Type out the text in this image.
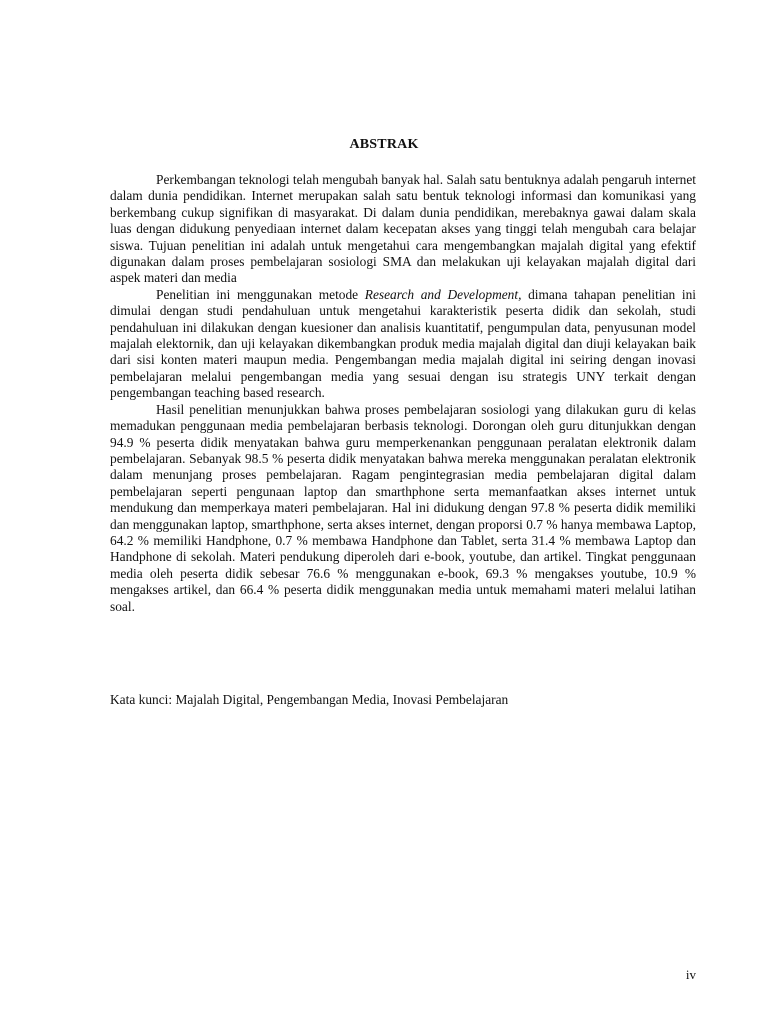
ABSTRAK

Perkembangan teknologi telah mengubah banyak hal. Salah satu bentuknya adalah pengaruh internet dalam dunia pendidikan. Internet merupakan salah satu bentuk teknologi informasi dan komunikasi yang berkembang cukup signifikan di masyarakat. Di dalam dunia pendidikan, merebaknya gawai dalam skala luas dengan didukung penyediaan internet dalam kecepatan akses yang tinggi telah mengubah cara belajar siswa. Tujuan penelitian ini adalah untuk mengetahui cara mengembangkan majalah digital yang efektif digunakan dalam proses pembelajaran sosiologi SMA dan melakukan uji kelayakan majalah digital dari aspek materi dan media

Penelitian ini menggunakan metode Research and Development, dimana tahapan penelitian ini dimulai dengan studi pendahuluan untuk mengetahui karakteristik peserta didik dan sekolah, studi pendahuluan ini dilakukan dengan kuesioner dan analisis kuantitatif, pengumpulan data, penyusunan model majalah elektornik, dan uji kelayakan dikembangkan produk media majalah digital dan diuji kelayakan baik dari sisi konten materi maupun media. Pengembangan media majalah digital ini seiring dengan inovasi pembelajaran melalui pengembangan media yang sesuai dengan isu strategis UNY terkait dengan pengembangan teaching based research.

Hasil penelitian menunjukkan bahwa proses pembelajaran sosiologi yang dilakukan guru di kelas memadukan penggunaan media pembelajaran berbasis teknologi. Dorongan oleh guru ditunjukkan dengan 94.9 % peserta didik menyatakan bahwa guru memperkenankan penggunaan peralatan elektronik dalam pembelajaran. Sebanyak 98.5 % peserta didik menyatakan bahwa mereka menggunakan peralatan elektronik dalam menunjang proses pembelajaran. Ragam pengintegrasian media pembelajaran digital dalam pembelajaran seperti pengunaan laptop dan smarthphone serta memanfaatkan akses internet untuk mendukung dan memperkaya materi pembelajaran. Hal ini didukung dengan 97.8 % peserta didik memiliki dan menggunakan laptop, smarthphone, serta akses internet, dengan proporsi 0.7 % hanya membawa Laptop, 64.2 % memiliki Handphone, 0.7 % membawa Handphone dan Tablet, serta 31.4 % membawa Laptop dan Handphone di sekolah. Materi pendukung diperoleh dari e-book, youtube, dan artikel. Tingkat penggunaan media oleh peserta didik sebesar 76.6 % menggunakan e-book, 69.3 % mengakses youtube, 10.9 % mengakses artikel, dan 66.4 % peserta didik menggunakan media untuk memahami materi melalui latihan soal.

Kata kunci: Majalah Digital, Pengembangan Media, Inovasi Pembelajaran
iv
